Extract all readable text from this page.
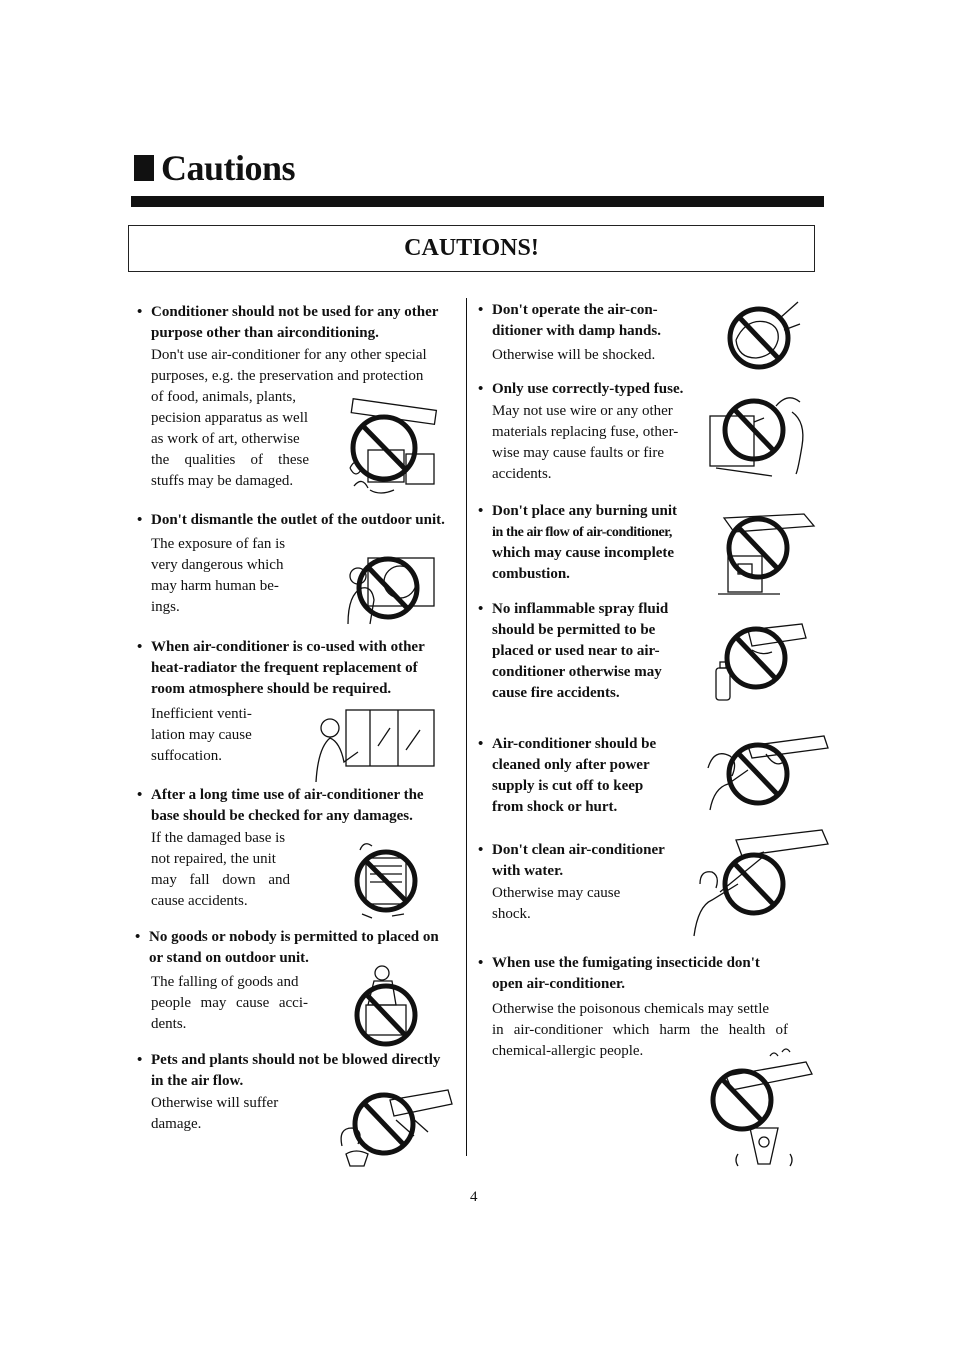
Cautions
CAUTIONS!
• Conditioner should not be used for any other
purpose other than airconditioning.
Don't use air-conditioner for any other special
purposes, e.g. the preservation and protection
of food, animals, plants,
pecision apparatus as well
as work of art, otherwise
the qualities of these
stuffs may be damaged.
• Don't dismantle the outlet of the outdoor unit.
The exposure of fan is
very dangerous which
may harm human be-
ings.
• When air-conditioner is co-used with other
heat-radiator the frequent replacement of
room atmosphere should be required.
Inefficient venti-
lation may cause
suffocation.
• After a long time use of air-conditioner the
base should be checked for any damages.
If the damaged base is
not repaired, the unit
may fall down and
cause accidents.
• No goods or nobody is permitted to placed on
or stand on outdoor unit.
The falling of goods and
people may cause acci-
dents.
• Pets and plants should not be blowed directly
in the air flow.
Otherwise will suffer
damage.
• Don't operate the air-con-
ditioner with damp hands.
Otherwise will be shocked.
• Only use correctly-typed fuse.
May not use wire or any other
materials replacing fuse, other-
wise may cause faults or fire
accidents.
• Don't place any burning unit
in the air flow of air-conditioner,
which may cause incomplete
combustion.
• No inflammable spray fluid
should be permitted to be
placed or used near to air-
conditioner otherwise may
cause fire accidents.
• Air-conditioner should be
cleaned only after power
supply is cut off to keep
from shock or hurt.
• Don't clean air-conditioner
with water.
Otherwise may cause
shock.
• When use the fumigating insecticide don't
open air-conditioner.
Otherwise the poisonous chemicals may settle
in air-conditioner which harm the health of
chemical-allergic people.
4
